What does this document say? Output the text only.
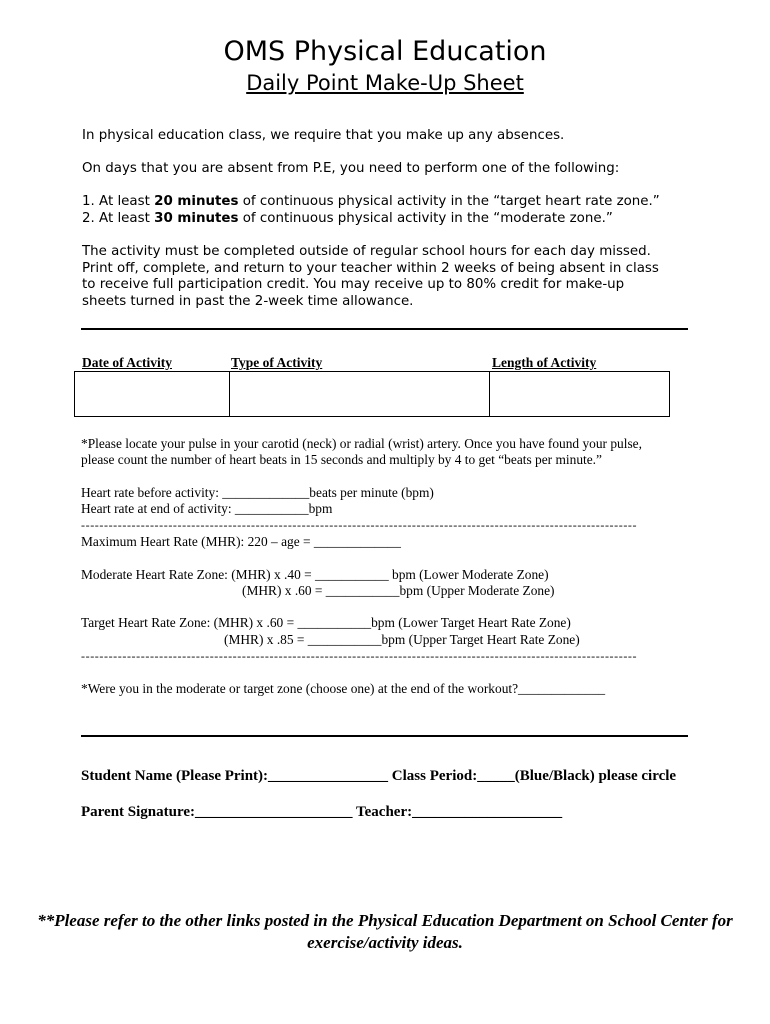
OMS Physical Education
Daily Point Make-Up Sheet
In physical education class, we require that you make up any absences.
On days that you are absent from P.E, you need to perform one of the following:
1. At least 20 minutes of continuous physical activity in the “target heart rate zone.”
2. At least 30 minutes of continuous physical activity in the “moderate zone.”
The activity must be completed outside of regular school hours for each day missed.
Print off, complete, and return to your teacher within 2 weeks of being absent in class
to receive full participation credit. You may receive up to 80% credit for make-up
sheets turned in past the 2-week time allowance.
Date of Activity	Type of Activity	Length of Activity
*Please locate your pulse in your carotid (neck) or radial (wrist) artery. Once you have found your pulse,
please count the number of heart beats in 15 seconds and multiply by 4 to get “beats per minute.”
Heart rate before activity: _____________beats per minute (bpm)
Heart rate at end of activity: ___________bpm
-------------------------------------------------------------------------------------------------------------------------
Maximum Heart Rate (MHR): 220 – age = _____________
Moderate Heart Rate Zone: (MHR) x .40 = ___________ bpm (Lower Moderate Zone)
(MHR) x .60 = ___________bpm (Upper Moderate Zone)
Target Heart Rate Zone: (MHR) x .60 = ___________bpm (Lower Target Heart Rate Zone)
(MHR) x .85 = ___________bpm (Upper Target Heart Rate Zone)
-------------------------------------------------------------------------------------------------------------------------
*Were you in the moderate or target zone (choose one) at the end of the workout?_____________
Student Name (Please Print):________________ Class Period:_____(Blue/Black) please circle
Parent Signature:_____________________ Teacher:____________________
**Please refer to the other links posted in the Physical Education Department on School Center for exercise/activity ideas.
